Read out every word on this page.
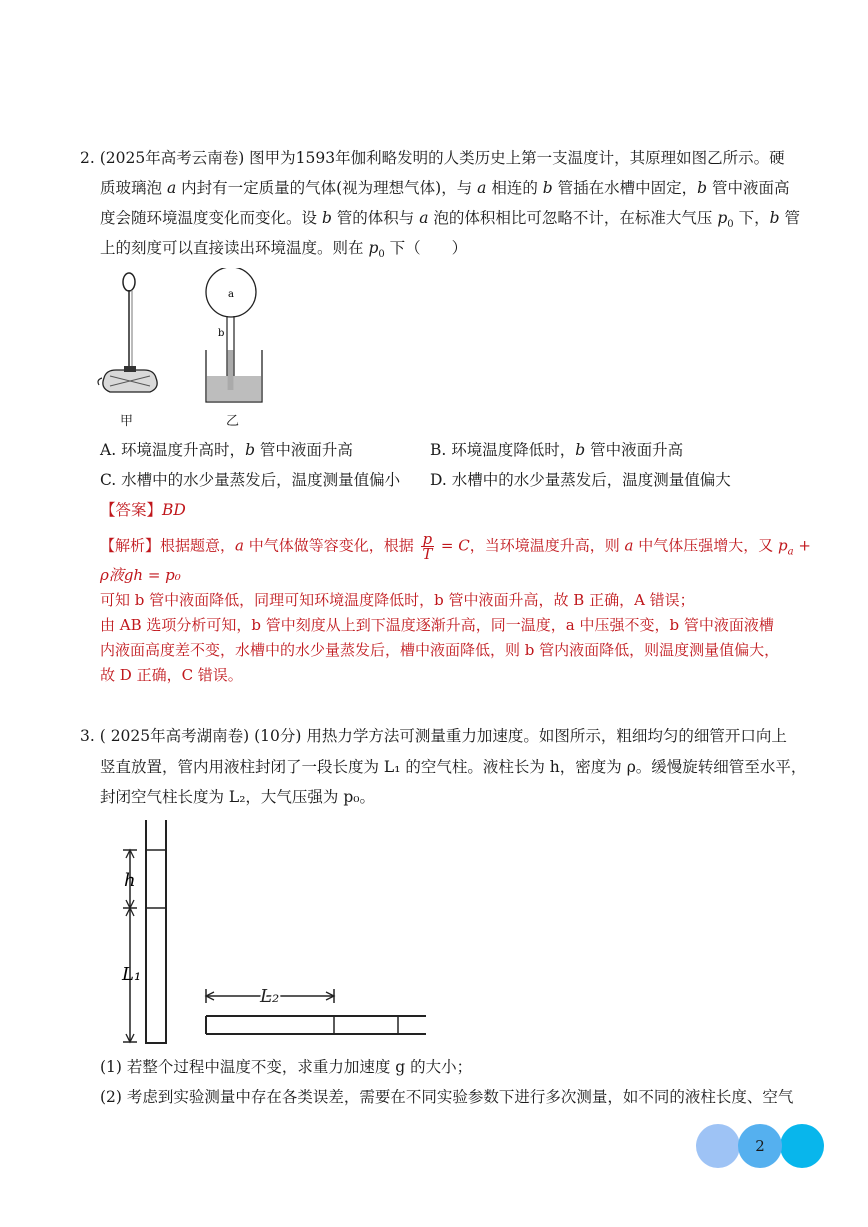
2. (2025年高考云南卷) 图甲为1593年伽利略发明的人类历史上第一支温度计，其原理如图乙所示。硬
质玻璃泡 a 内封有一定质量的气体(视为理想气体)，与 a 相连的 b 管插在水槽中固定，b 管中液面高
度会随环境温度变化而变化。设 b 管的体积与 a 泡的体积相比可忽略不计，在标准大气压 $p_0$ 下，b 管
上的刻度可以直接读出环境温度。则在 $p_0$ 下（　　）
甲
a
b
乙
A. 环境温度升高时，b 管中液面升高	B. 环境温度降低时，b 管中液面升高
C. 水槽中的水少量蒸发后，温度测量值偏小 D. 水槽中的水少量蒸发后，温度测量值偏大
【答案】BD
【解析】根据题意，a 中气体做等容变化，根据 $\frac{p}{T} = C$，当环境温度升高，则 a 中气体压强增大，又 $p_a$ +
ρ液gh = p₀
可知 b 管中液面降低，同理可知环境温度降低时，b 管中液面升高，故 B 正确，A 错误；
由 AB 选项分析可知，b 管中刻度从上到下温度逐渐升高，同一温度，a 中压强不变，b 管中液面液槽
内液面高度差不变，水槽中的水少量蒸发后，槽中液面降低，则 b 管内液面降低，则温度测量值偏大，
故 D 正确，C 错误。
3. ( 2025年高考湖南卷) (10分) 用热力学方法可测量重力加速度。如图所示，粗细均匀的细管开口向上
竖直放置，管内用液柱封闭了一段长度为 L₁ 的空气柱。液柱长为 h，密度为 ρ。缓慢旋转细管至水平，
封闭空气柱长度为 L₂，大气压强为 p₀。
h
L₁
L₂
(1) 若整个过程中温度不变，求重力加速度 g 的大小；
(2) 考虑到实验测量中存在各类误差，需要在不同实验参数下进行多次测量，如不同的液柱长度、空气
2
